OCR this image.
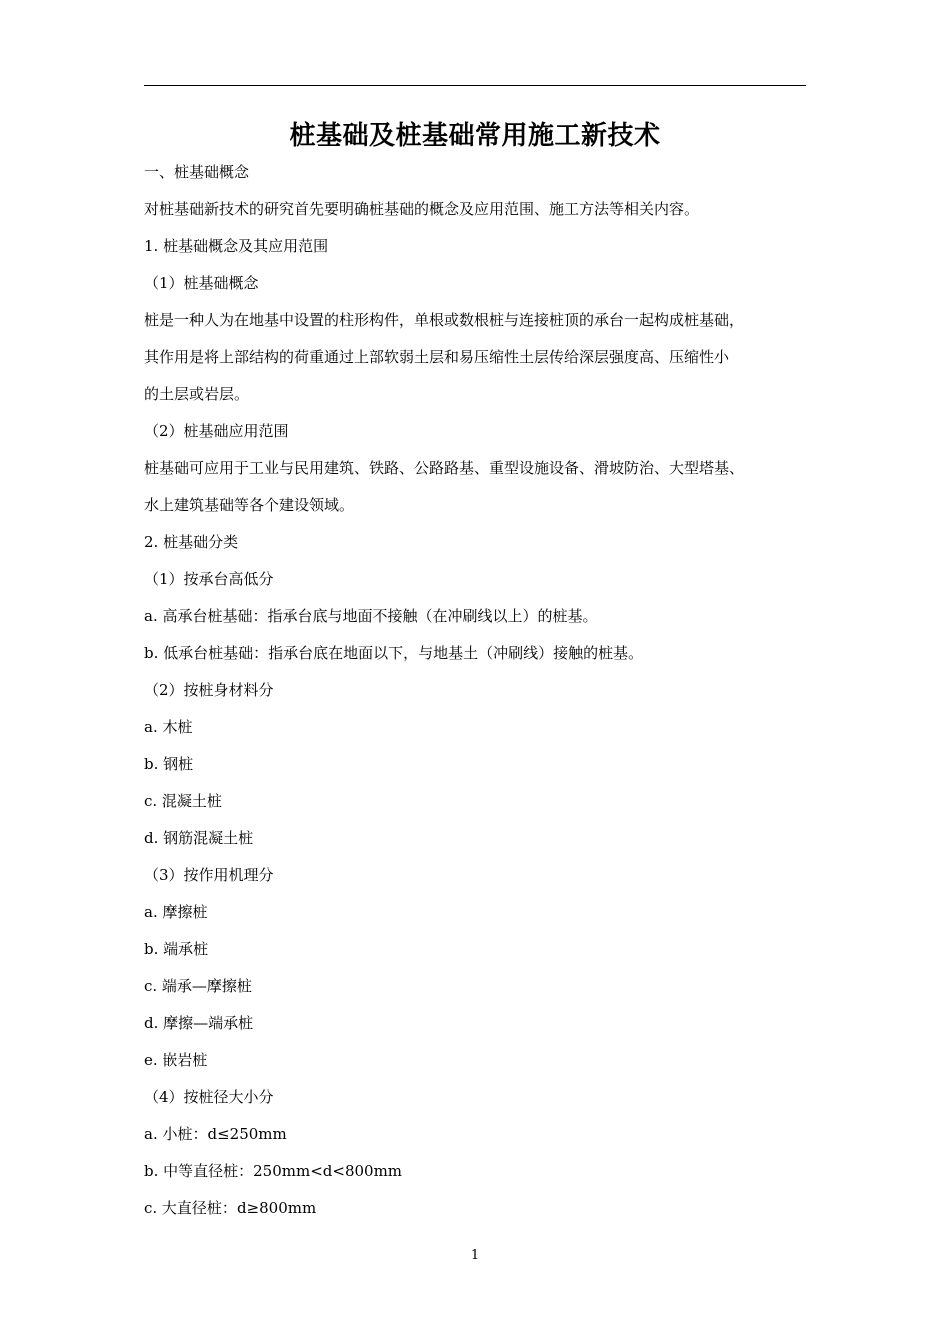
桩基础及桩基础常用施工新技术
一、桩基础概念
对桩基础新技术的研究首先要明确桩基础的概念及应用范围、施工方法等相关内容。
1. 桩基础概念及其应用范围
（1）桩基础概念
桩是一种人为在地基中设置的柱形构件，单根或数根桩与连接桩顶的承台一起构成桩基础，
其作用是将上部结构的荷重通过上部软弱土层和易压缩性土层传给深层强度高、压缩性小
的土层或岩层。
（2）桩基础应用范围
桩基础可应用于工业与民用建筑、铁路、公路路基、重型设施设备、滑坡防治、大型塔基、
水上建筑基础等各个建设领域。
2. 桩基础分类
（1）按承台高低分
a. 高承台桩基础：指承台底与地面不接触（在冲刷线以上）的桩基。
b. 低承台桩基础：指承台底在地面以下，与地基土（冲刷线）接触的桩基。
（2）按桩身材料分
a. 木桩
b. 钢桩
c. 混凝土桩
d. 钢筋混凝土桩
（3）按作用机理分
a. 摩擦桩
b. 端承桩
c. 端承—摩擦桩
d. 摩擦—端承桩
e. 嵌岩桩
（4）按桩径大小分
a. 小桩：d≤250mm
b. 中等直径桩：250mm<d<800mm
c. 大直径桩：d≥800mm
1
